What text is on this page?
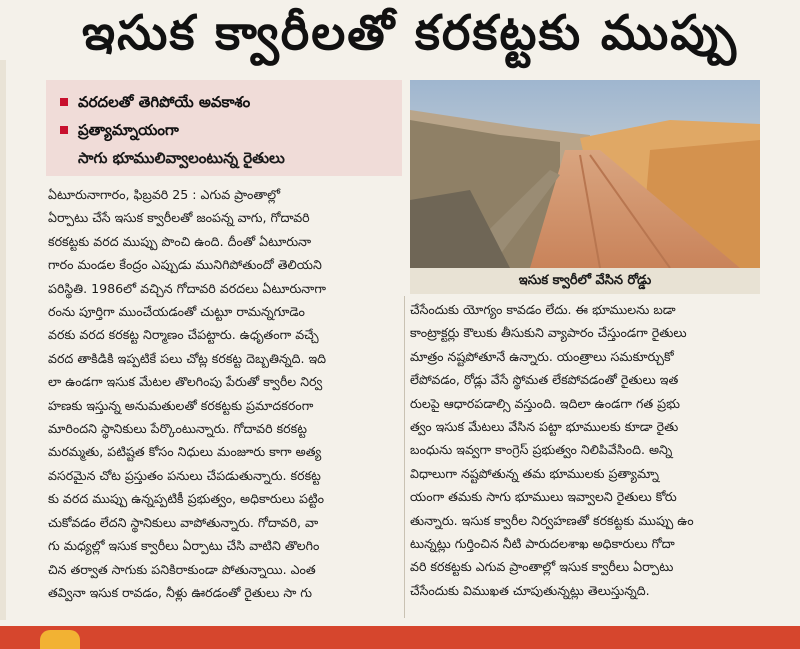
ఇసుక క్వారీలతో కరకట్టకు ముప్పు
వరదలతో తెగిపోయే అవకాశం
ప్రత్యామ్నాయంగా
సాగు భూములివ్వాలంటున్న రైతులు
ఇసుక క్వారీలో వేసిన రోడ్డు
ఏటూరునాగారం, ఫిబ్రవరి 25 : ఎగువ ప్రాంతాల్లో
ఏర్పాటు చేసే ఇసుక క్వారీలతో జంపన్న వాగు, గోదావరి
కరకట్టకు వరద ముప్పు పొంచి ఉంది. దీంతో ఏటూరునా
గారం మండల కేంద్రం ఎప్పుడు మునిగిపోతుందో తెలియని
పరిస్థితి. 1986లో వచ్చిన గోదావరి వరదలు ఏటూరునాగా
రంను పూర్తిగా ముంచేయడంతో చుట్టూ రామన్నగూడెం
వరకు వరద కరకట్ట నిర్మాణం చేపట్టారు. ఉధృతంగా వచ్చే
వరద తాకిడికి ఇప్పటికే పలు చోట్ల కరకట్ట దెబ్బతిన్నది. ఇది
లా ఉండగా ఇసుక మేటల తొలగింపు పేరుతో క్వారీల నిర్వ
హణకు ఇస్తున్న అనుమతులతో కరకట్టకు ప్రమాదకరంగా
మారిందని స్థానికులు పేర్కొంటున్నారు. గోదావరి కరకట్ట
మరమ్మతు, పటిష్టత కోసం నిధులు మంజూరు కాగా అత్య
వసరమైన చోట ప్రస్తుతం పనులు చేపడుతున్నారు. కరకట్ట
కు వరద ముప్పు ఉన్నప్పటికీ ప్రభుత్వం, అధికారులు పట్టిం
చుకోవడం లేదని స్థానికులు వాపోతున్నారు. గోదావరి, వా
గు మధ్యల్లో ఇసుక క్వారీలు ఏర్పాటు చేసి వాటిని తొలగిం
చిన తర్వాత సాగుకు పనికిరాకుండా పోతున్నాయి. ఎంత
తవ్వినా ఇసుక రావడం, నీళ్లు ఊరడంతో రైతులు సా గు
చేసేందుకు యోగ్యం కావడం లేదు. ఈ భూములను బడా
కాంట్రాక్టర్లు కౌలుకు తీసుకుని వ్యాపారం చేస్తుండగా రైతులు
మాత్రం నష్టపోతూనే ఉన్నారు. యంత్రాలు సమకూర్చుకో
లేపోవడం, రోడ్లు వేసే స్థోమత లేకపోవడంతో రైతులు ఇత
రులపై ఆధారపడాల్సి వస్తుంది. ఇదిలా ఉండగా గత ప్రభు
త్వం ఇసుక మేటలు వేసిన పట్టా భూములకు కూడా రైతు
బంధును ఇవ్వగా కాంగ్రెస్ ప్రభుత్వం నిలిపివేసింది. అన్ని
విధాలుగా నష్టపోతున్న తమ భూములకు ప్రత్యామ్నా
యంగా తమకు సాగు భూములు ఇవ్వాలని రైతులు కోరు
తున్నారు. ఇసుక క్వారీల నిర్వహణతో కరకట్టకు ముప్పు ఉం
టున్నట్లు గుర్తించిన నీటి పారుదలశాఖ అధికారులు గోదా
వరి కరకట్టకు ఎగువ ప్రాంతాల్లో ఇసుక క్వారీలు ఏర్పాటు
చేసేందుకు విముఖత చూపుతున్నట్లు తెలుస్తున్నది.
